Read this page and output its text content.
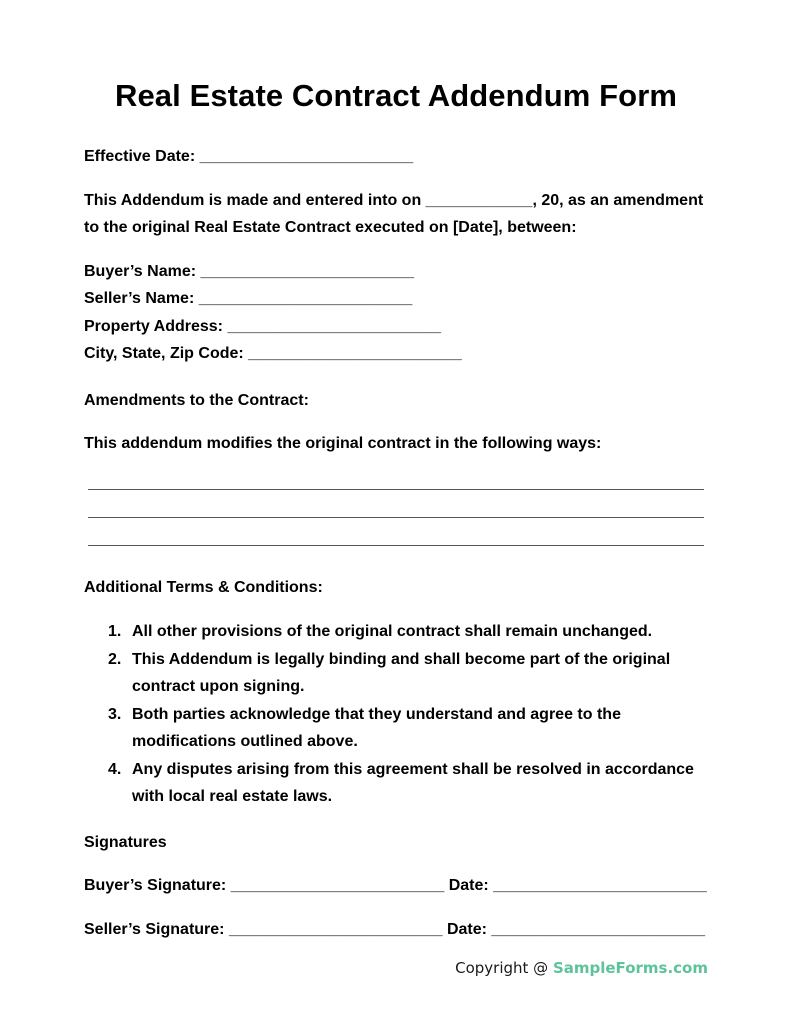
Real Estate Contract Addendum Form
Effective Date: ________________________
This Addendum is made and entered into on ____________, 20, as an amendment to the original Real Estate Contract executed on [Date], between:
Buyer’s Name: ________________________
Seller’s Name: ________________________
Property Address: ________________________
City, State, Zip Code: ________________________
Amendments to the Contract:
This addendum modifies the original contract in the following ways:
Additional Terms & Conditions:
1. All other provisions of the original contract shall remain unchanged.
2. This Addendum is legally binding and shall become part of the original contract upon signing.
3. Both parties acknowledge that they understand and agree to the modifications outlined above.
4. Any disputes arising from this agreement shall be resolved in accordance with local real estate laws.
Signatures
Buyer’s Signature: ________________________ Date: ________________________
Seller’s Signature: ________________________ Date: ________________________
Copyright @ SampleForms.com
